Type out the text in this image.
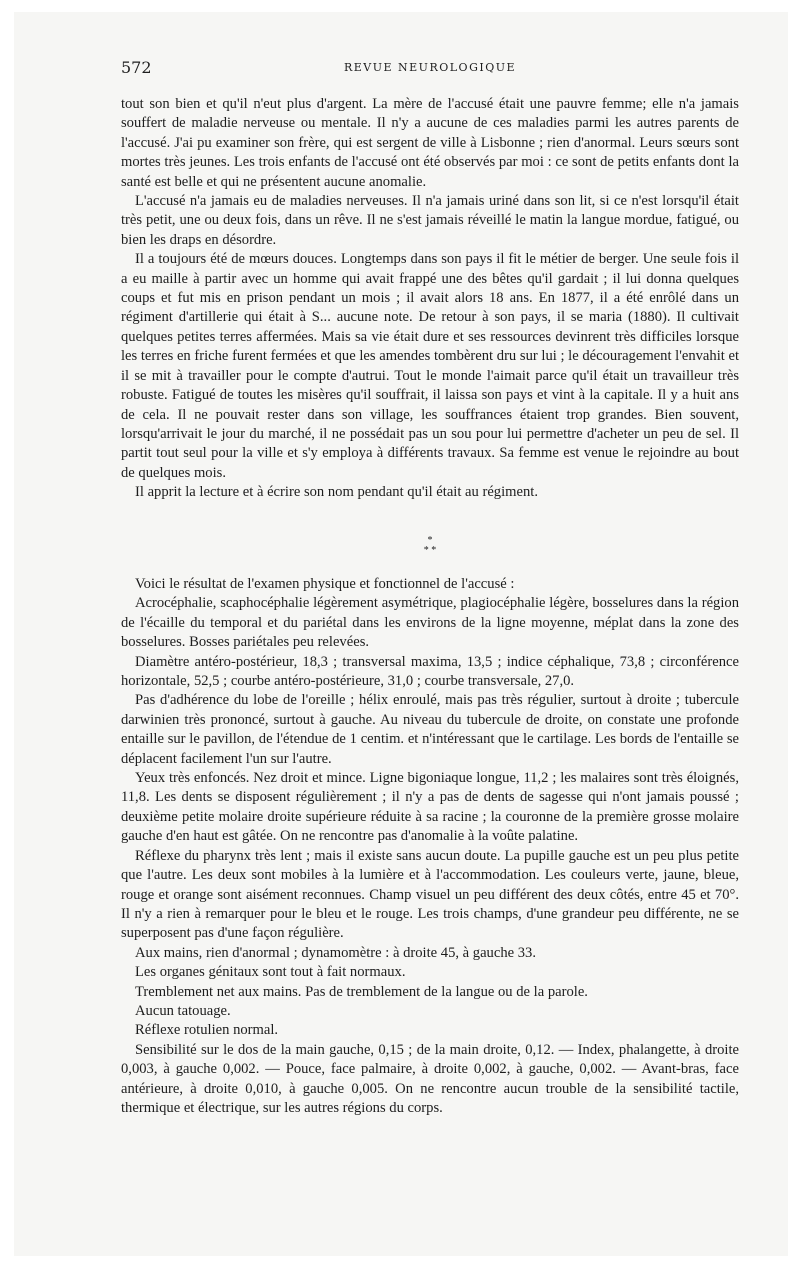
572	REVUE NEUROLOGIQUE

tout son bien et qu'il n'eut plus d'argent. La mère de l'accusé était une pauvre femme; elle n'a jamais souffert de maladie nerveuse ou mentale. Il n'y a aucune de ces maladies parmi les autres parents de l'accusé. J'ai pu examiner son frère, qui est sergent de ville à Lisbonne ; rien d'anormal. Leurs sœurs sont mortes très jeunes. Les trois enfants de l'accusé ont été observés par moi : ce sont de petits enfants dont la santé est belle et qui ne présentent aucune anomalie.

L'accusé n'a jamais eu de maladies nerveuses. Il n'a jamais uriné dans son lit, si ce n'est lorsqu'il était très petit, une ou deux fois, dans un rêve. Il ne s'est jamais réveillé le matin la langue mordue, fatigué, ou bien les draps en désordre.

Il a toujours été de mœurs douces. Longtemps dans son pays il fit le métier de berger. Une seule fois il a eu maille à partir avec un homme qui avait frappé une des bêtes qu'il gardait ; il lui donna quelques coups et fut mis en prison pendant un mois ; il avait alors 18 ans. En 1877, il a été enrôlé dans un régiment d'artillerie qui était à S... aucune note. De retour à son pays, il se maria (1880). Il cultivait quelques petites terres affermées. Mais sa vie était dure et ses ressources devinrent très difficiles lorsque les terres en friche furent fermées et que les amendes tombèrent dru sur lui ; le découragement l'envahit et il se mit à travailler pour le compte d'autrui. Tout le monde l'aimait parce qu'il était un travailleur très robuste. Fatigué de toutes les misères qu'il souffrait, il laissa son pays et vint à la capitale. Il y a huit ans de cela. Il ne pouvait rester dans son village, les souffrances étaient trop grandes. Bien souvent, lorsqu'arrivait le jour du marché, il ne possédait pas un sou pour lui permettre d'acheter un peu de sel. Il partit tout seul pour la ville et s'y employa à différents travaux. Sa femme est venue le rejoindre au bout de quelques mois.

Il apprit la lecture et à écrire son nom pendant qu'il était au régiment.

*
* *

Voici le résultat de l'examen physique et fonctionnel de l'accusé :

Acrocéphalie, scaphocéphalie légèrement asymétrique, plagiocéphalie légère, bosselures dans la région de l'écaille du temporal et du pariétal dans les environs de la ligne moyenne, méplat dans la zone des bosselures. Bosses pariétales peu relevées.

Diamètre antéro-postérieur, 18,3 ; transversal maxima, 13,5 ; indice céphalique, 73,8 ; circonférence horizontale, 52,5 ; courbe antéro-postérieure, 31,0 ; courbe transversale, 27,0.

Pas d'adhérence du lobe de l'oreille ; hélix enroulé, mais pas très régulier, surtout à droite ; tubercule darwinien très prononcé, surtout à gauche. Au niveau du tubercule de droite, on constate une profonde entaille sur le pavillon, de l'étendue de 1 centim. et n'intéressant que le cartilage. Les bords de l'entaille se déplacent facilement l'un sur l'autre.

Yeux très enfoncés. Nez droit et mince. Ligne bigoniaque longue, 11,2 ; les malaires sont très éloignés, 11,8. Les dents se disposent régulièrement ; il n'y a pas de dents de sagesse qui n'ont jamais poussé ; deuxième petite molaire droite supérieure réduite à sa racine ; la couronne de la première grosse molaire gauche d'en haut est gâtée. On ne rencontre pas d'anomalie à la voûte palatine.

Réflexe du pharynx très lent ; mais il existe sans aucun doute. La pupille gauche est un peu plus petite que l'autre. Les deux sont mobiles à la lumière et à l'accommodation. Les couleurs verte, jaune, bleue, rouge et orange sont aisément reconnues. Champ visuel un peu différent des deux côtés, entre 45 et 70°. Il n'y a rien à remarquer pour le bleu et le rouge. Les trois champs, d'une grandeur peu différente, ne se superposent pas d'une façon régulière.

Aux mains, rien d'anormal ; dynamomètre : à droite 45, à gauche 33.

Les organes génitaux sont tout à fait normaux.

Tremblement net aux mains. Pas de tremblement de la langue ou de la parole.

Aucun tatouage.

Réflexe rotulien normal.

Sensibilité sur le dos de la main gauche, 0,15 ; de la main droite, 0,12. — Index, phalangette, à droite 0,003, à gauche 0,002. — Pouce, face palmaire, à droite 0,002, à gauche, 0,002. — Avant-bras, face antérieure, à droite 0,010, à gauche 0,005. On ne rencontre aucun trouble de la sensibilité tactile, thermique et électrique, sur les autres régions du corps.
